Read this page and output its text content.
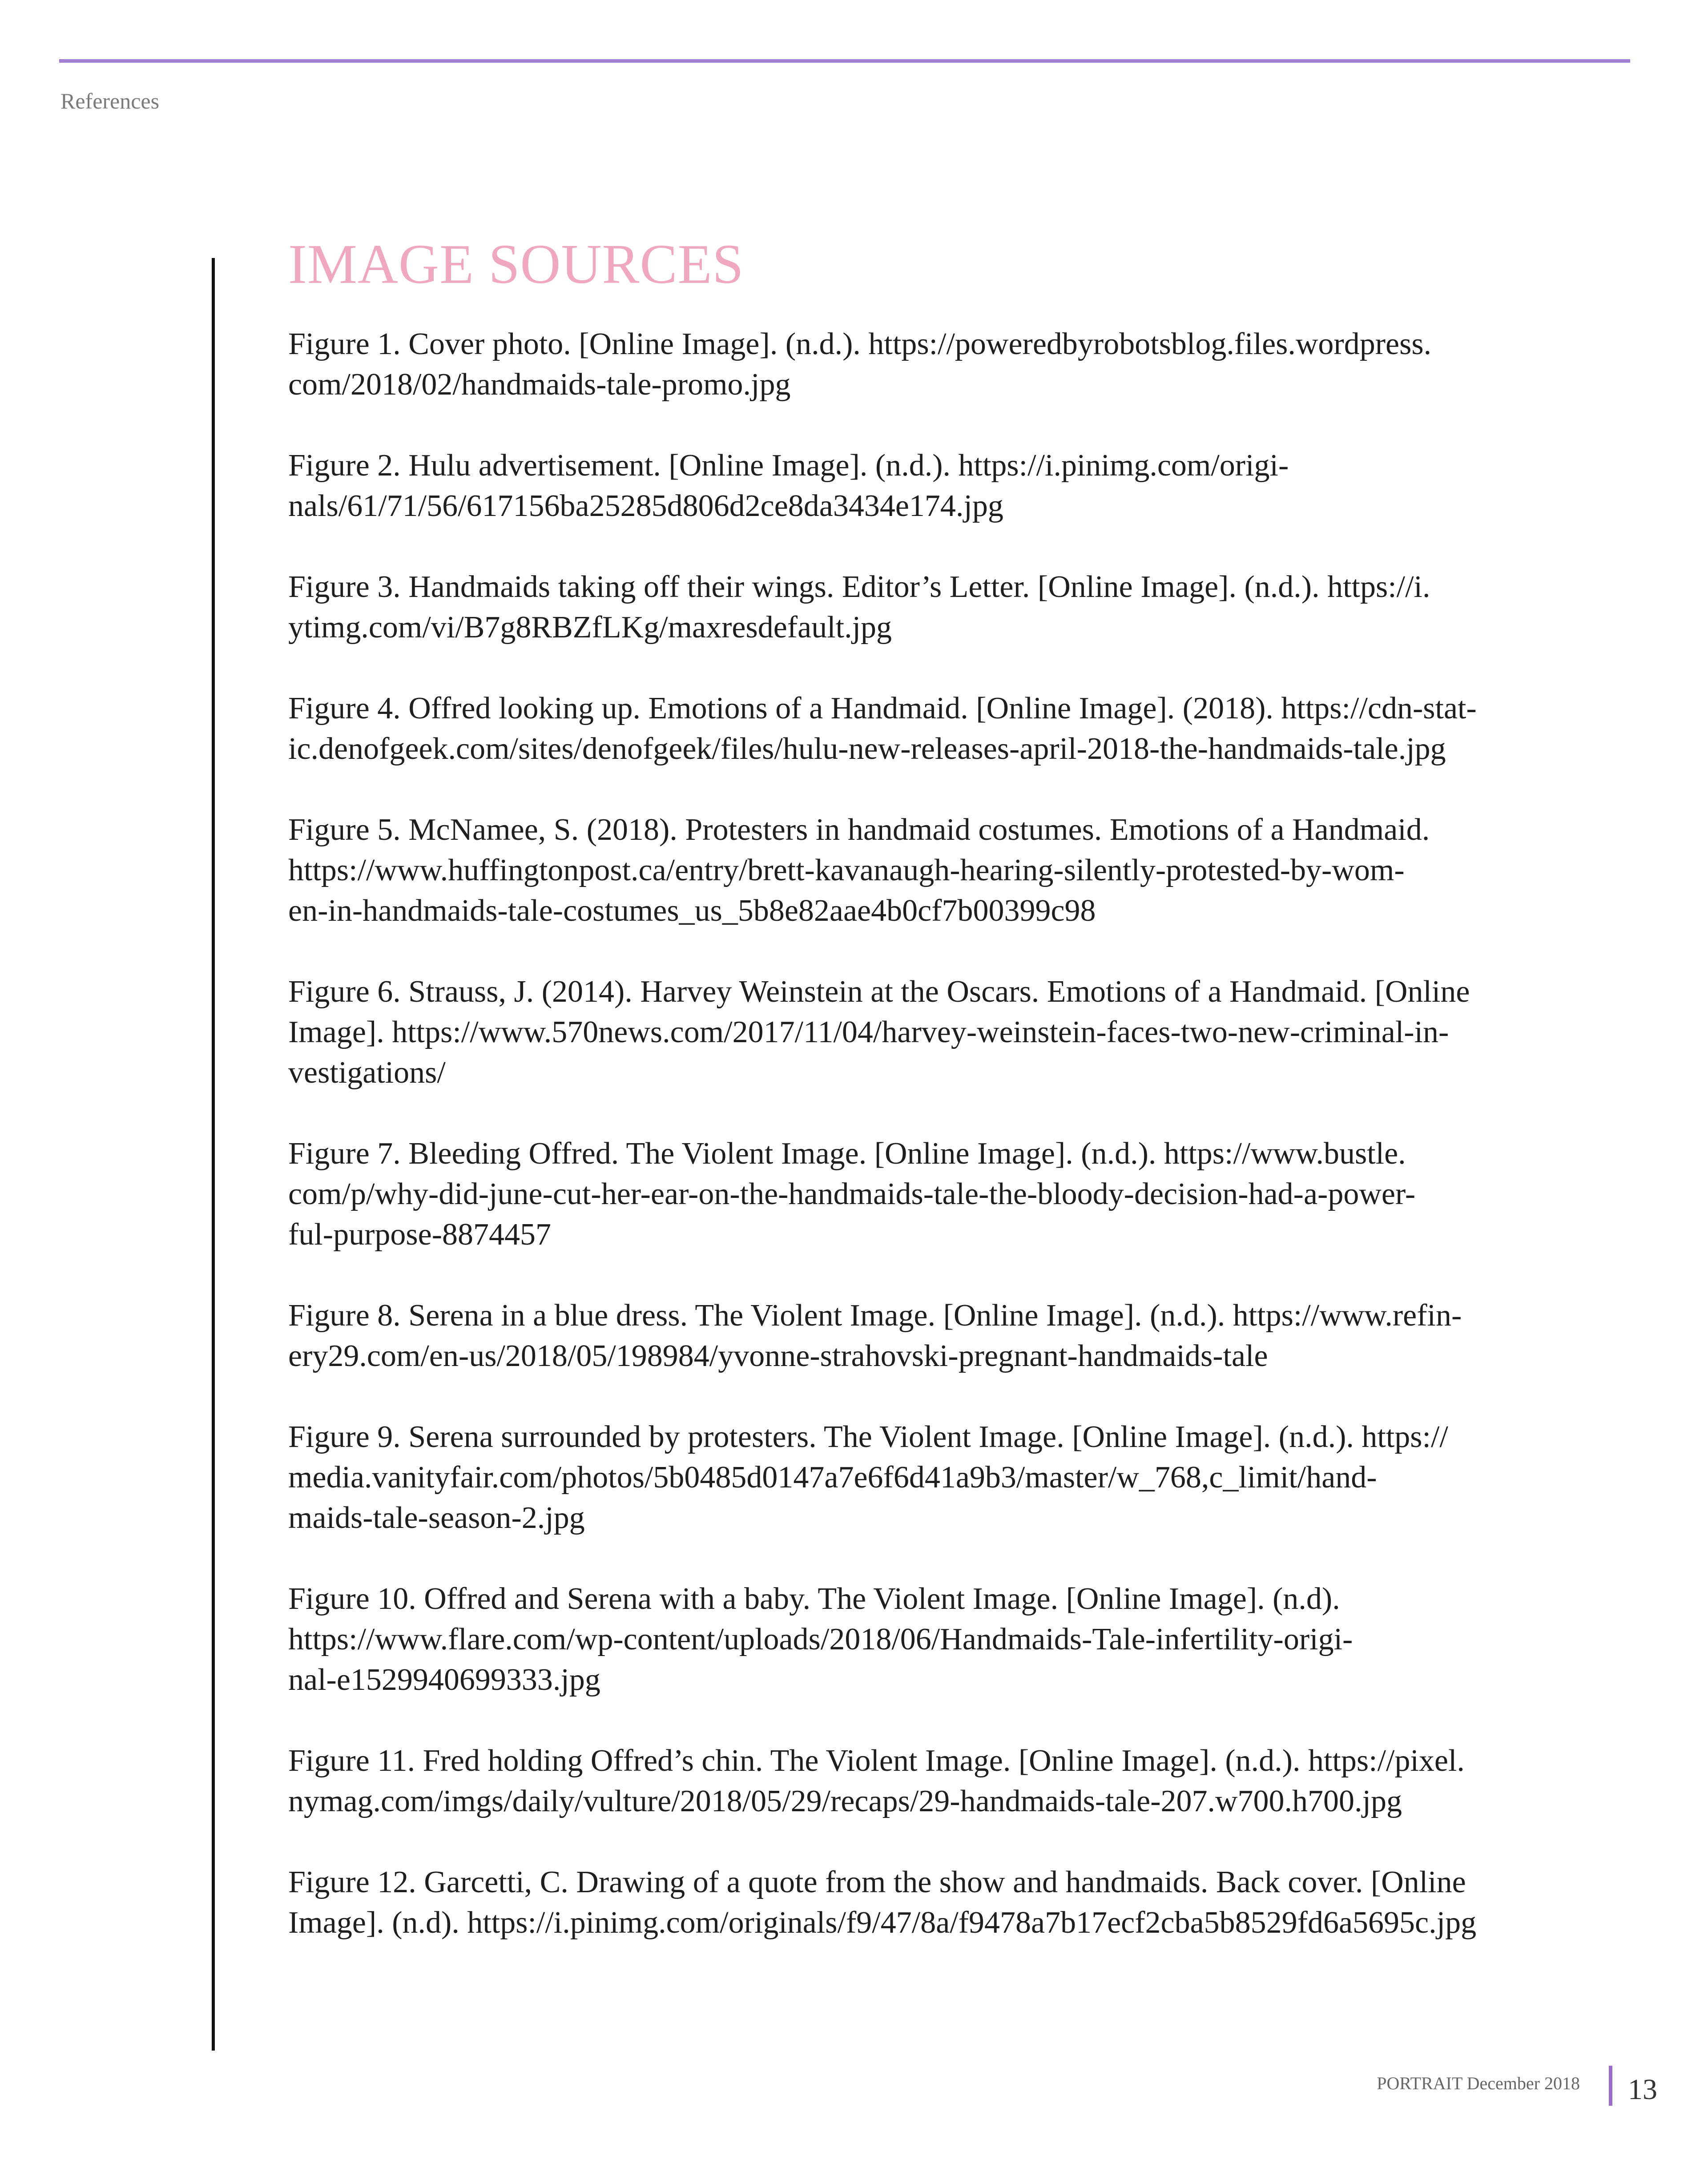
References
IMAGE SOURCES
Figure 1. Cover photo. [Online Image]. (n.d.). https://poweredbyrobotsblog.files.wordpress.
com/2018/02/handmaids-tale-promo.jpg
Figure 2. Hulu advertisement. [Online Image]. (n.d.). https://i.pinimg.com/origi-
nals/61/71/56/617156ba25285d806d2ce8da3434e174.jpg
Figure 3. Handmaids taking off their wings. Editor’s Letter. [Online Image]. (n.d.). https://i.
ytimg.com/vi/B7g8RBZfLKg/maxresdefault.jpg
Figure 4. Offred looking up. Emotions of a Handmaid. [Online Image]. (2018). https://cdn-stat-
ic.denofgeek.com/sites/denofgeek/files/hulu-new-releases-april-2018-the-handmaids-tale.jpg
Figure 5. McNamee, S. (2018). Protesters in handmaid costumes. Emotions of a Handmaid.
https://www.huffingtonpost.ca/entry/brett-kavanaugh-hearing-silently-protested-by-wom-
en-in-handmaids-tale-costumes_us_5b8e82aae4b0cf7b00399c98
Figure 6. Strauss, J. (2014). Harvey Weinstein at the Oscars. Emotions of a Handmaid. [Online
Image]. https://www.570news.com/2017/11/04/harvey-weinstein-faces-two-new-criminal-in-
vestigations/
Figure 7. Bleeding Offred. The Violent Image. [Online Image]. (n.d.). https://www.bustle.
com/p/why-did-june-cut-her-ear-on-the-handmaids-tale-the-bloody-decision-had-a-power-
ful-purpose-8874457
Figure 8. Serena in a blue dress. The Violent Image. [Online Image]. (n.d.). https://www.refin-
ery29.com/en-us/2018/05/198984/yvonne-strahovski-pregnant-handmaids-tale
Figure 9. Serena surrounded by protesters. The Violent Image. [Online Image]. (n.d.). https://
media.vanityfair.com/photos/5b0485d0147a7e6f6d41a9b3/master/w_768,c_limit/hand-
maids-tale-season-2.jpg
Figure 10. Offred and Serena with a baby. The Violent Image. [Online Image]. (n.d).
https://www.flare.com/wp-content/uploads/2018/06/Handmaids-Tale-infertility-origi-
nal-e1529940699333.jpg
Figure 11. Fred holding Offred’s chin. The Violent Image. [Online Image]. (n.d.). https://pixel.
nymag.com/imgs/daily/vulture/2018/05/29/recaps/29-handmaids-tale-207.w700.h700.jpg
Figure 12. Garcetti, C. Drawing of a quote from the show and handmaids. Back cover. [Online
Image]. (n.d). https://i.pinimg.com/originals/f9/47/8a/f9478a7b17ecf2cba5b8529fd6a5695c.jpg
PORTRAIT December 2018 13
